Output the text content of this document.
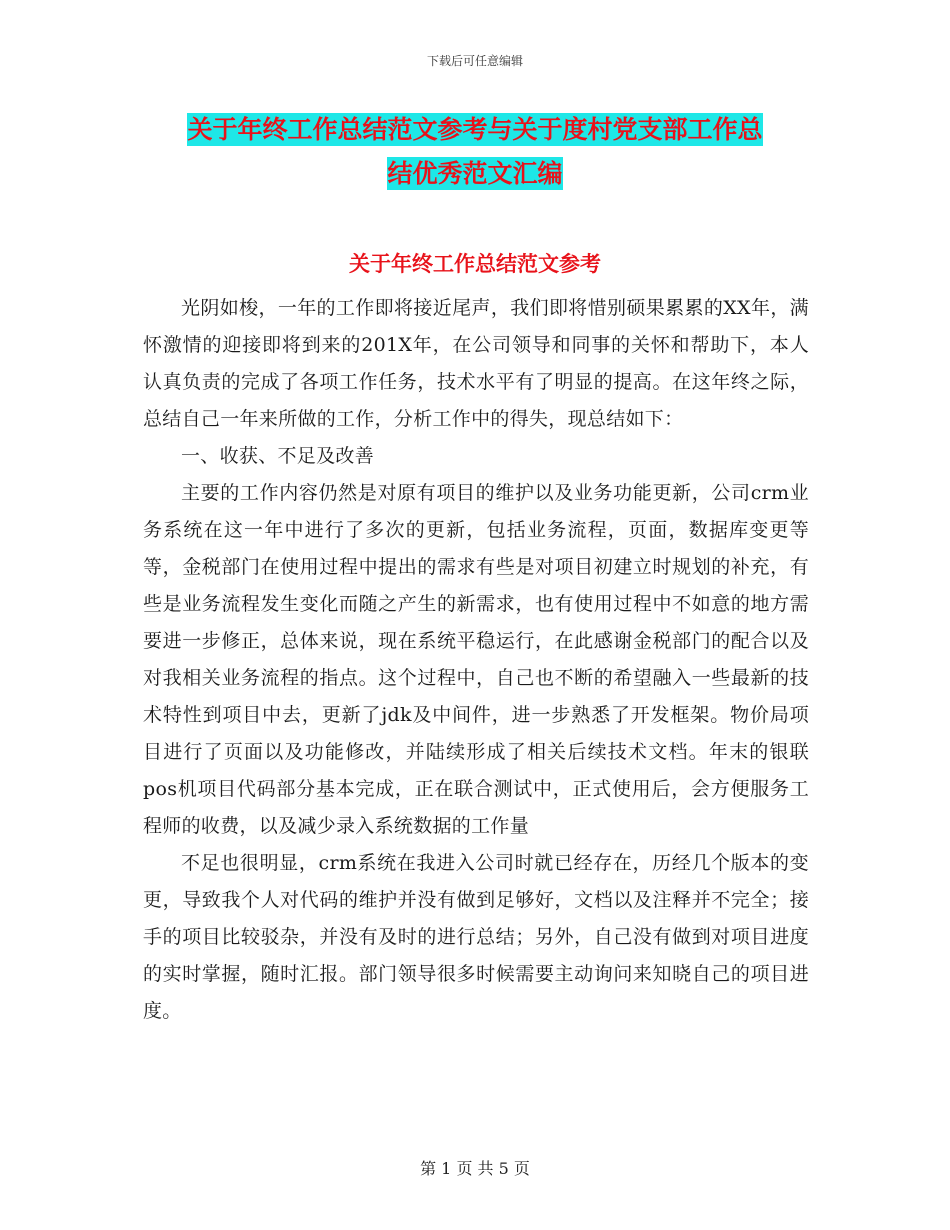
下载后可任意编辑
关于年终工作总结范文参考与关于度村党支部工作总
结优秀范文汇编
关于年终工作总结范文参考

光阴如梭，一年的工作即将接近尾声，我们即将惜别硕果累累的XX年，满怀激情的迎接即将到来的201X年，在公司领导和同事的关怀和帮助下，本人认真负责的完成了各项工作任务，技术水平有了明显的提高。在这年终之际，总结自己一年来所做的工作，分析工作中的得失，现总结如下：

一、收获、不足及改善

主要的工作内容仍然是对原有项目的维护以及业务功能更新，公司crm业务系统在这一年中进行了多次的更新，包括业务流程，页面，数据库变更等等，金税部门在使用过程中提出的需求有些是对项目初建立时规划的补充，有些是业务流程发生变化而随之产生的新需求，也有使用过程中不如意的地方需要进一步修正，总体来说，现在系统平稳运行，在此感谢金税部门的配合以及对我相关业务流程的指点。这个过程中，自己也不断的希望融入一些最新的技术特性到项目中去，更新了jdk及中间件，进一步熟悉了开发框架。物价局项目进行了页面以及功能修改，并陆续形成了相关后续技术文档。年末的银联pos机项目代码部分基本完成，正在联合测试中，正式使用后，会方便服务工程师的收费，以及减少录入系统数据的工作量

不足也很明显，crm系统在我进入公司时就已经存在，历经几个版本的变更，导致我个人对代码的维护并没有做到足够好，文档以及注释并不完全；接手的项目比较驳杂，并没有及时的进行总结；另外，自己没有做到对项目进度的实时掌握，随时汇报。部门领导很多时候需要主动询问来知晓自己的项目进度。

第 1 页 共 5 页
